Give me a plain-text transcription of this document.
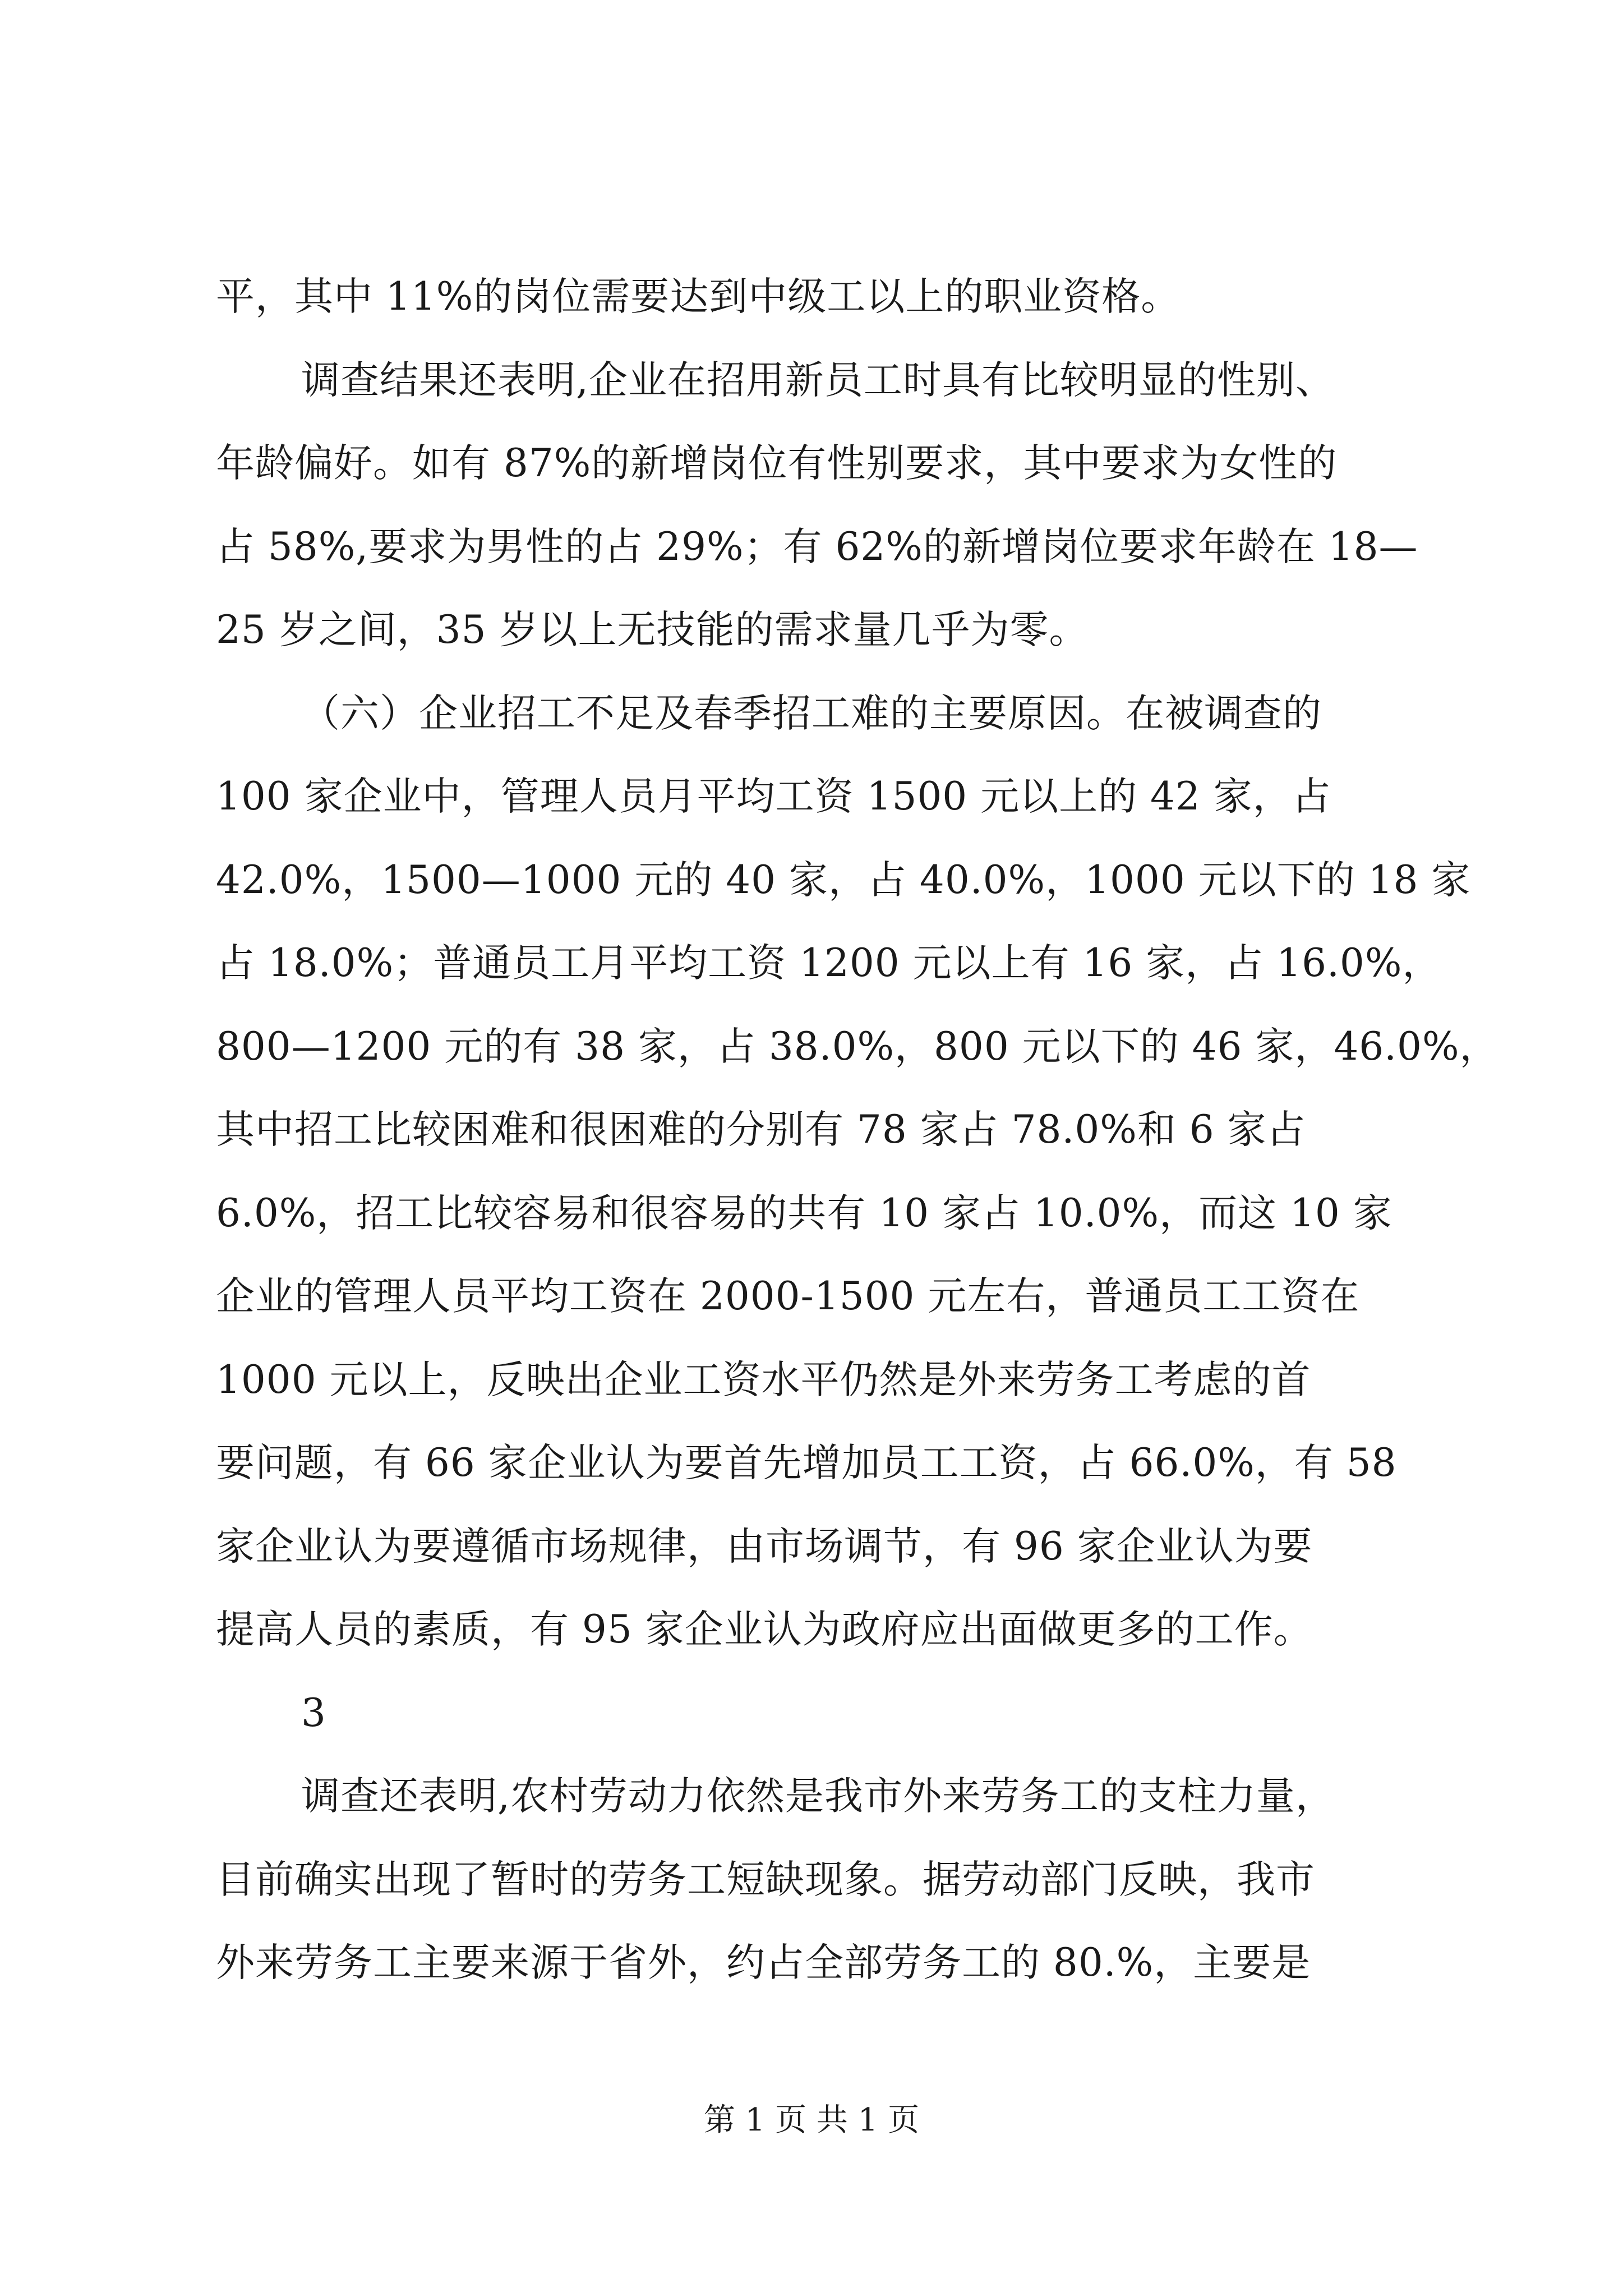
平，其中 11%的岗位需要达到中级工以上的职业资格。
调查结果还表明,企业在招用新员工时具有比较明显的性别、
年龄偏好。如有 87%的新增岗位有性别要求，其中要求为女性的
占 58%,要求为男性的占 29%；有 62%的新增岗位要求年龄在 18—
25 岁之间，35 岁以上无技能的需求量几乎为零。
（六）企业招工不足及春季招工难的主要原因。在被调查的
100 家企业中，管理人员月平均工资 1500 元以上的 42 家，占
42.0%，1500—1000 元的 40 家，占 40.0%，1000 元以下的 18 家
占 18.0%；普通员工月平均工资 1200 元以上有 16 家，占 16.0%，
800—1200 元的有 38 家，占 38.0%，800 元以下的 46 家，46.0%，
其中招工比较困难和很困难的分别有 78 家占 78.0%和 6 家占
6.0%，招工比较容易和很容易的共有 10 家占 10.0%，而这 10 家
企业的管理人员平均工资在 2000-1500 元左右，普通员工工资在
1000 元以上，反映出企业工资水平仍然是外来劳务工考虑的首
要问题，有 66 家企业认为要首先增加员工工资，占 66.0%，有 58
家企业认为要遵循市场规律，由市场调节，有 96 家企业认为要
提高人员的素质，有 95 家企业认为政府应出面做更多的工作。
3
调查还表明,农村劳动力依然是我市外来劳务工的支柱力量，
目前确实出现了暂时的劳务工短缺现象。据劳动部门反映，我市
外来劳务工主要来源于省外，约占全部劳务工的 80.%，主要是
第 1 页 共 1 页
